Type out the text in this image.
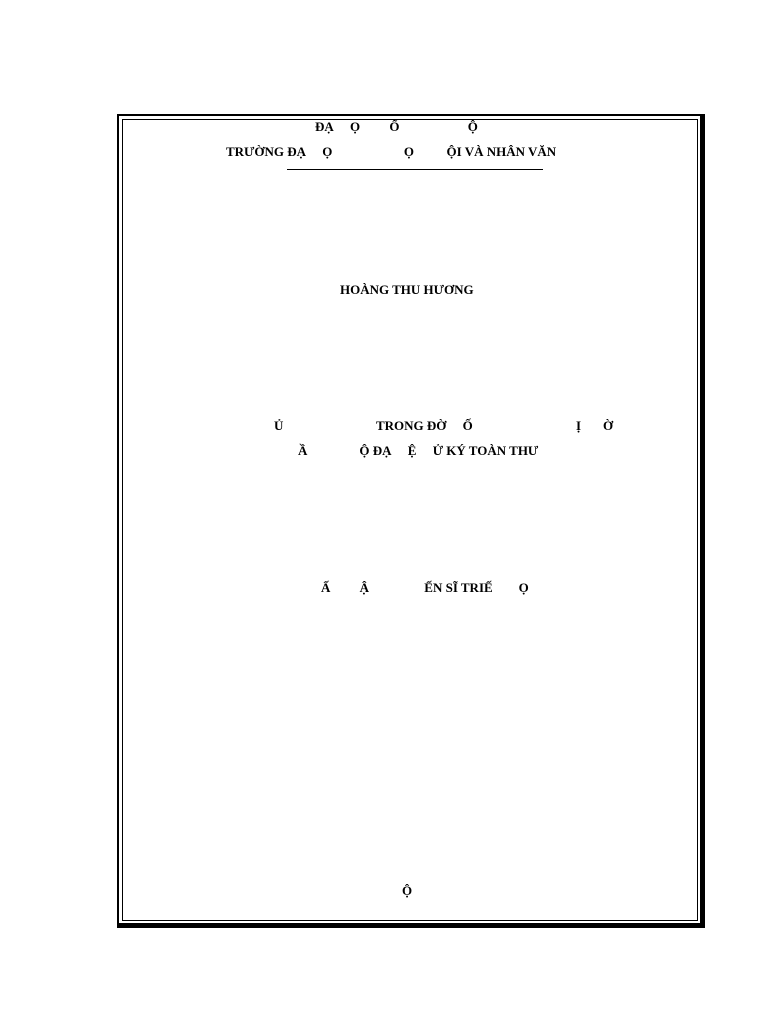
ĐẠ     Ọ         Ố                     Ộ
TRƯỜNG ĐẠ     Ọ                      Ọ          ỘI VÀ NHÂN VĂN
HOÀNG THU HƯƠNG
Ủ	TRONG ĐỜ     Ố	Ị Ờ
Ầ                Ộ ĐẠ     Ệ     Ử KÝ TOÀN THƯ
Ấ         Ậ                 ẾN SĨ TRIẾ        Ọ
Ộ
